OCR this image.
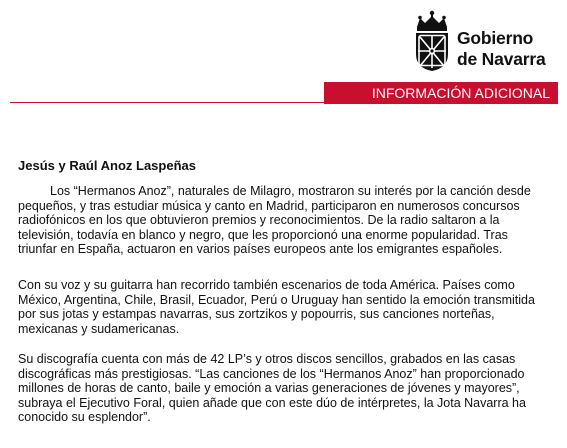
Gobierno
de Navarra
INFORMACIÓN ADICIONAL
Jesús y Raúl Anoz Laspeñas
Los “Hermanos Anoz”, naturales de Milagro, mostraron su interés por la canción desde
pequeños, y tras estudiar música y canto en Madrid, participaron en numerosos concursos
radiofónicos en los que obtuvieron premios y reconocimientos. De la radio saltaron a la
televisión, todavía en blanco y negro, que les proporcionó una enorme popularidad. Tras
triunfar en España, actuaron en varios países europeos ante los emigrantes españoles.
Con su voz y su guitarra han recorrido también escenarios de toda América. Países como
México, Argentina, Chile, Brasil, Ecuador, Perú o Uruguay han sentido la emoción transmitida
por sus jotas y estampas navarras, sus zortzikos y popourris, sus canciones norteñas,
mexicanas y sudamericanas.
Su discografía cuenta con más de 42 LP’s y otros discos sencillos, grabados en las casas
discográficas más prestigiosas. “Las canciones de los “Hermanos Anoz” han proporcionado
millones de horas de canto, baile y emoción a varias generaciones de jóvenes y mayores”,
subraya el Ejecutivo Foral, quien añade que con este dúo de intérpretes, la Jota Navarra ha
conocido su esplendor”.
